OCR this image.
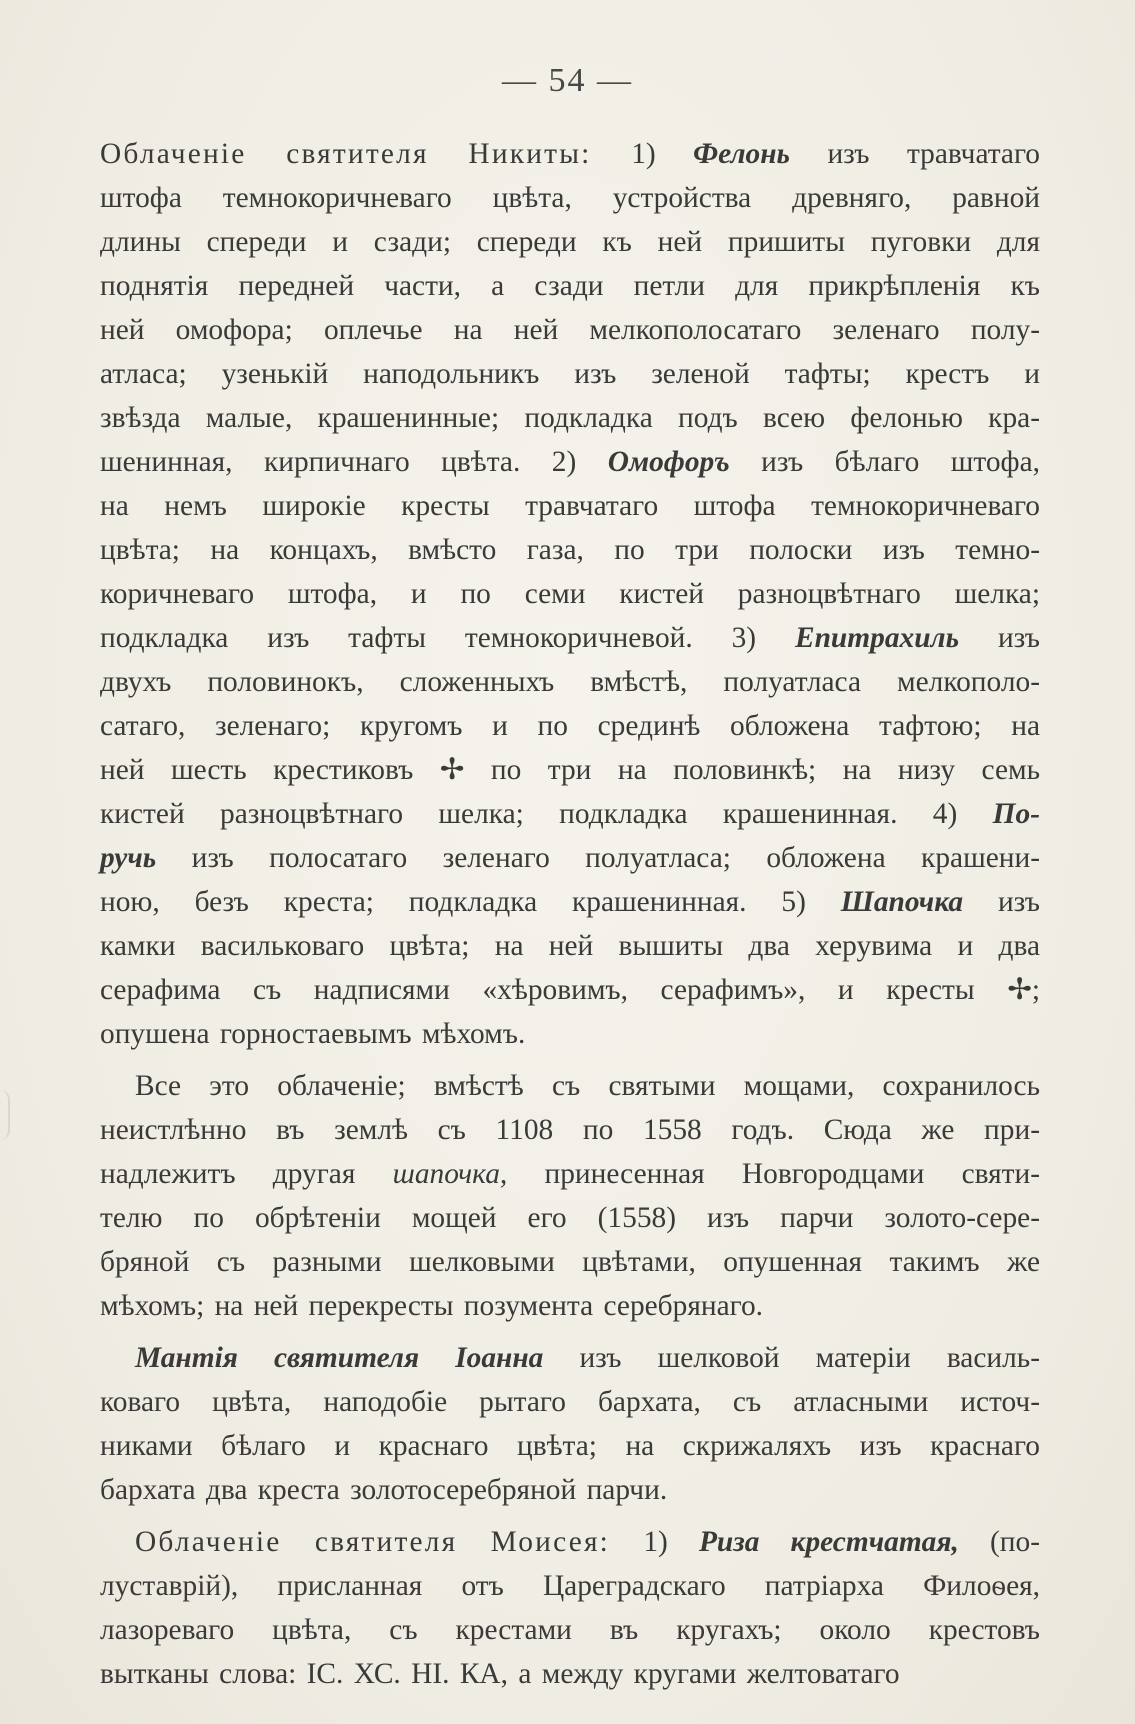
— 54 —
Облаченіе святителя Никиты: 1) Фелонь изъ травчатаго
штофа темнокоричневаго цвѣта, устройства древняго, равной
длины спереди и сзади; спереди къ ней пришиты пуговки для
поднятія передней части, а сзади петли для прикрѣпленія къ
ней омофора; оплечье на ней мелкополосатаго зеленаго полу-
атласа; узенькій наподольникъ изъ зеленой тафты; крестъ и
звѣзда малые, крашенинные; подкладка подъ всею фелонью кра-
шенинная, кирпичнаго цвѣта. 2) Омофоръ изъ бѣлаго штофа,
на немъ широкіе кресты травчатаго штофа темнокоричневаго
цвѣта; на концахъ, вмѣсто газа, по три полоски изъ темно-
коричневаго штофа, и по семи кистей разноцвѣтнаго шелка;
подкладка изъ тафты темнокоричневой. 3) Епитрахиль изъ
двухъ половинокъ, сложенныхъ вмѣстѣ, полуатласа мелкополо-
сатаго, зеленаго; кругомъ и по срединѣ обложена тафтою; на
ней шесть крестиковъ ✢ по три на половинкѣ; на низу семь
кистей разноцвѣтнаго шелка; подкладка крашенинная. 4) По-
ручь изъ полосатаго зеленаго полуатласа; обложена крашени-
ною, безъ креста; подкладка крашенинная. 5) Шапочка изъ
камки васильковаго цвѣта; на ней вышиты два херувима и два
серафима съ надписями «хѣровимъ, серафимъ», и кресты ✢;
опушена горностаевымъ мѣхомъ.
Все это облаченіе; вмѣстѣ съ святыми мощами, сохранилось
неистлѣнно въ землѣ съ 1108 по 1558 годъ. Сюда же при-
надлежитъ другая шапочка, принесенная Новгородцами святи-
телю по обрѣтеніи мощей его (1558) изъ парчи золото-сере-
бряной съ разными шелковыми цвѣтами, опушенная такимъ же
мѣхомъ; на ней перекресты позумента серебрянаго.
Мантія святителя Іоанна изъ шелковой матеріи василь-
коваго цвѣта, наподобіе рытаго бархата, съ атласными источ-
никами бѣлаго и краснаго цвѣта; на скрижаляхъ изъ краснаго
бархата два креста золотосеребряной парчи.
Облаченіе святителя Моисея: 1) Риза крестчатая, (по-
луставрій), присланная отъ Цареградскаго патріарха Филоѳея,
лазореваго цвѣта, съ крестами въ кругахъ; около крестовъ
вытканы слова: ІС. ХС. НІ. КА, а между кругами желтоватаго
